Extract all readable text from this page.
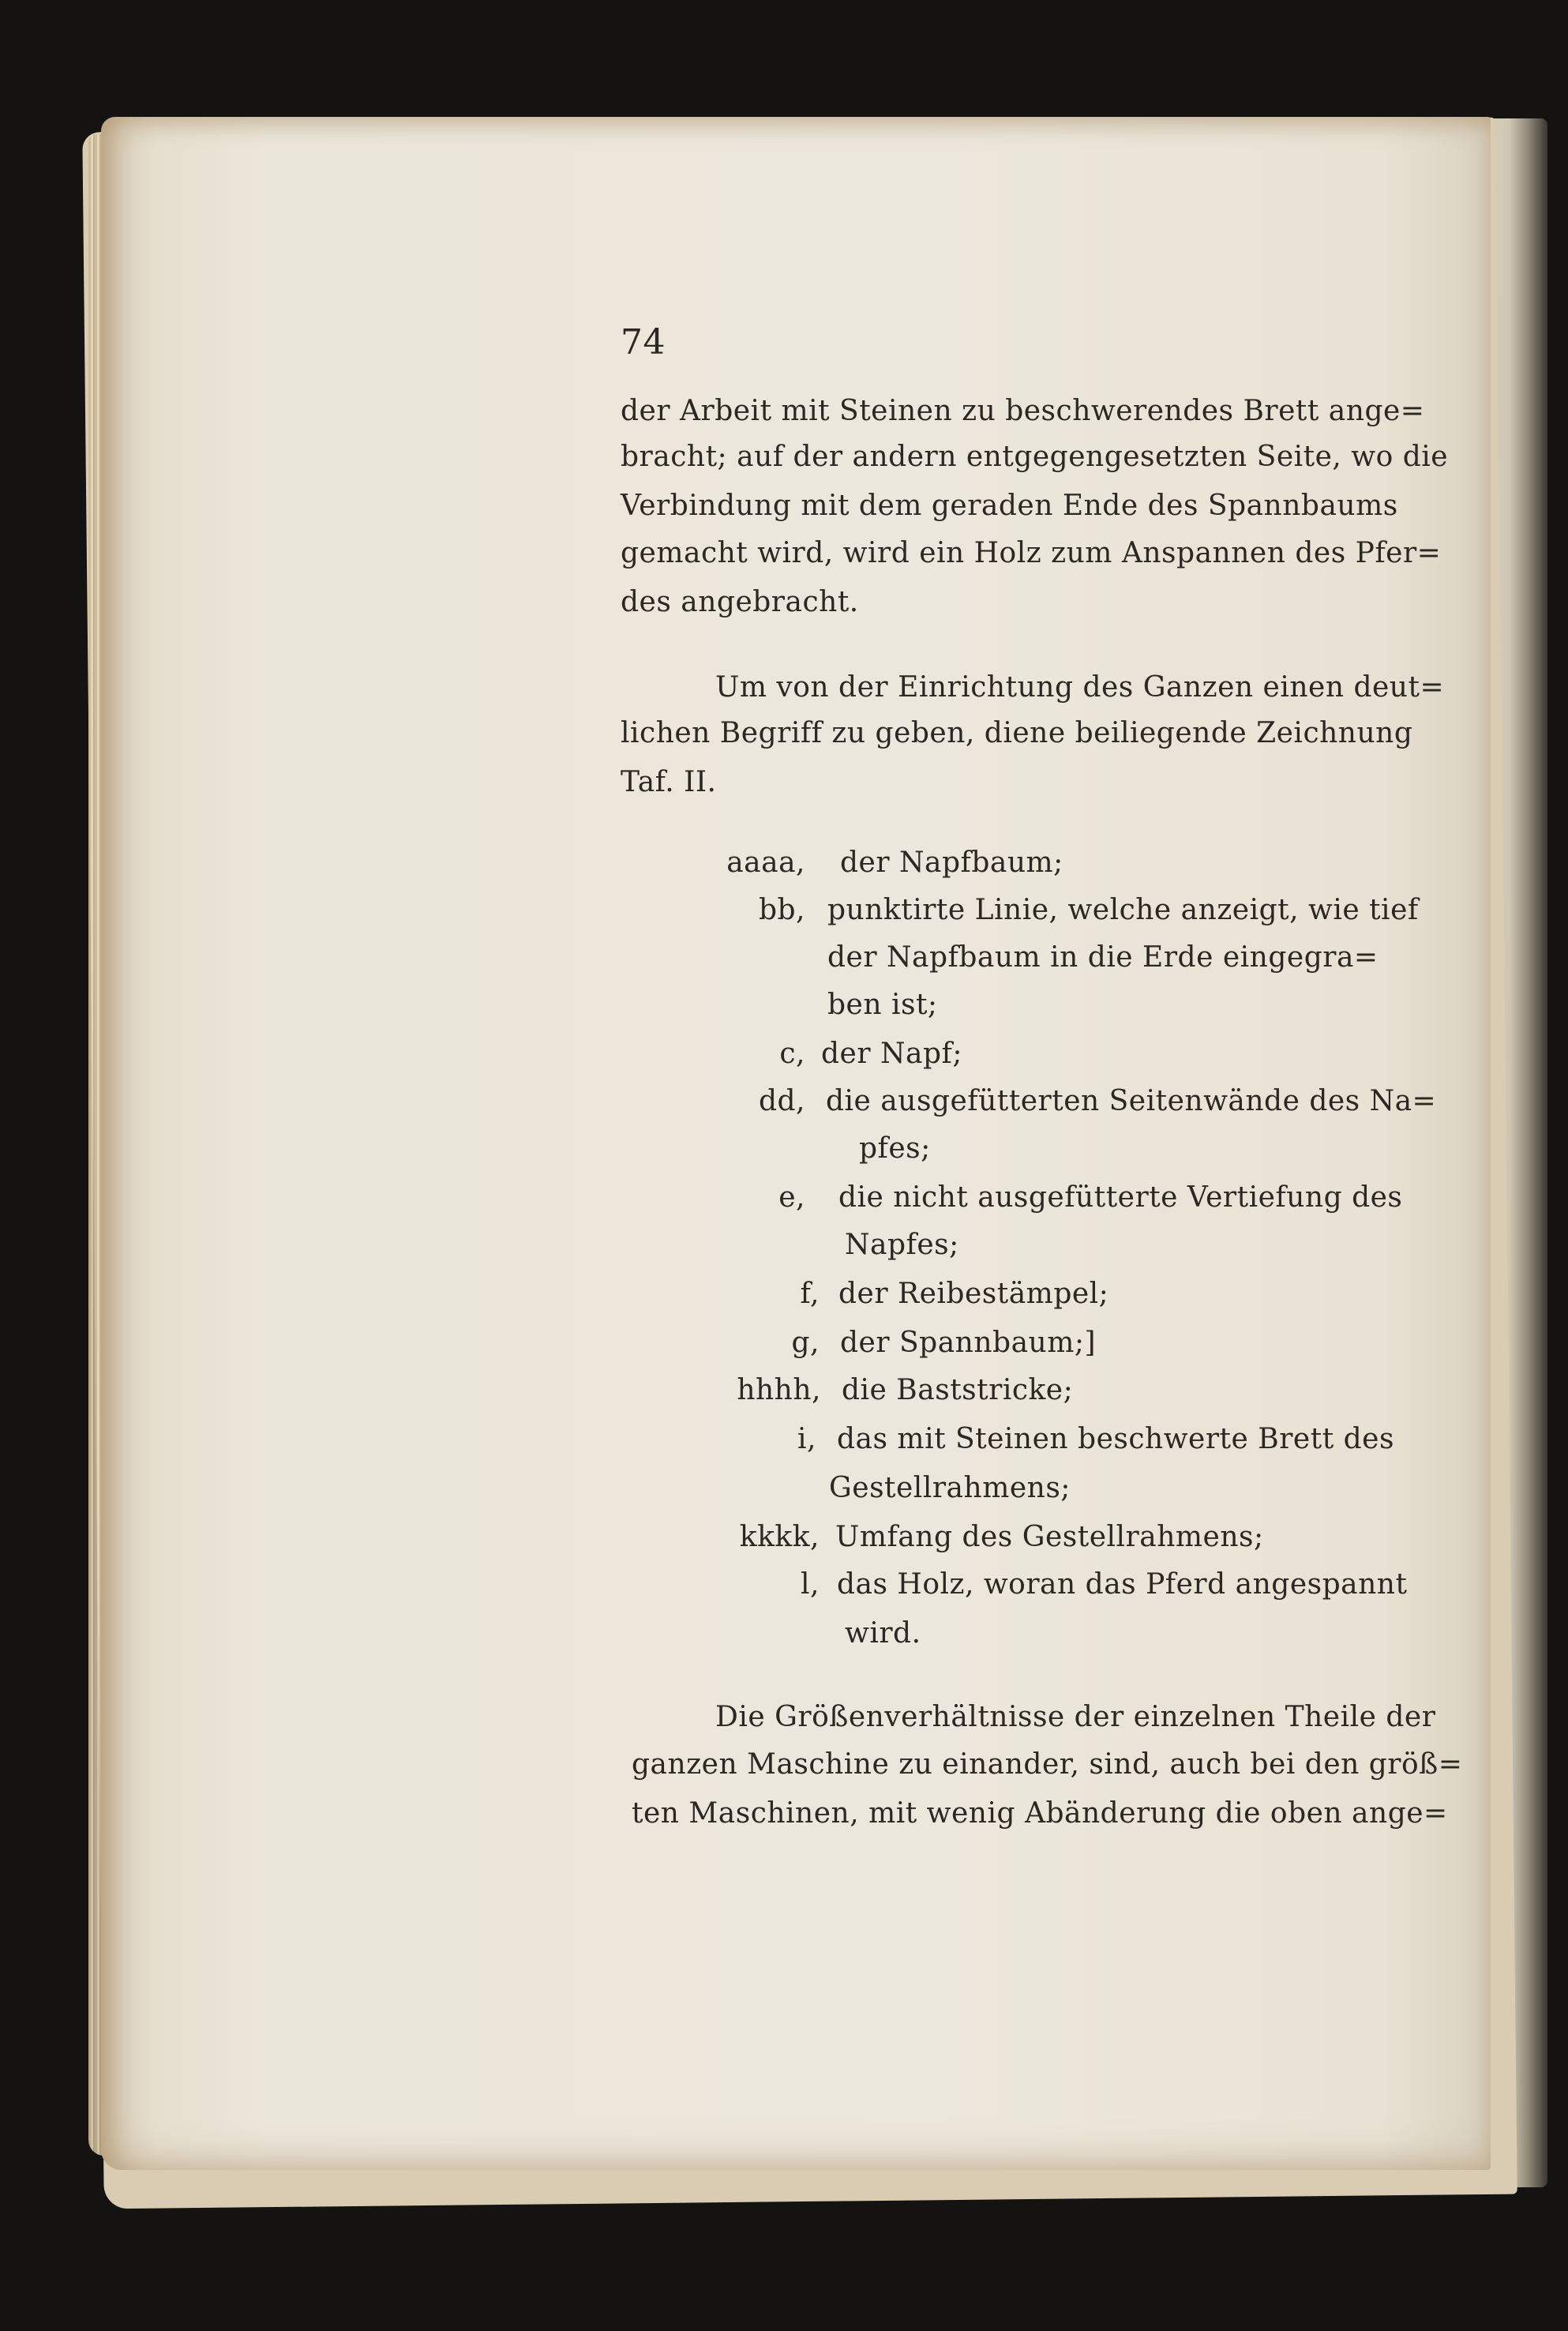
74
der Arbeit mit Steinen zu beschwerendes Brett ange=
bracht; auf der andern entgegengesetzten Seite, wo die
Verbindung mit dem geraden Ende des Spannbaums
gemacht wird, wird ein Holz zum Anspannen des Pfer=
des angebracht.
Um von der Einrichtung des Ganzen einen deut=
lichen Begriff zu geben, diene beiliegende Zeichnung
Taf. II.
aaaa, der Napfbaum;
bb, punktirte Linie, welche anzeigt, wie tief
der Napfbaum in die Erde eingegra=
ben ist;
c, der Napf;
dd, die ausgefütterten Seitenwände des Na=
pfes;
e, die nicht ausgefütterte Vertiefung des
Napfes;
f, der Reibestämpel;
g, der Spannbaum;]
hhhh, die Baststricke;
i, das mit Steinen beschwerte Brett des
Gestellrahmens;
kkkk, Umfang des Gestellrahmens;
l, das Holz, woran das Pferd angespannt
wird.
Die Größenverhältnisse der einzelnen Theile der
ganzen Maschine zu einander, sind, auch bei den größ=
ten Maschinen, mit wenig Abänderung die oben ange=
